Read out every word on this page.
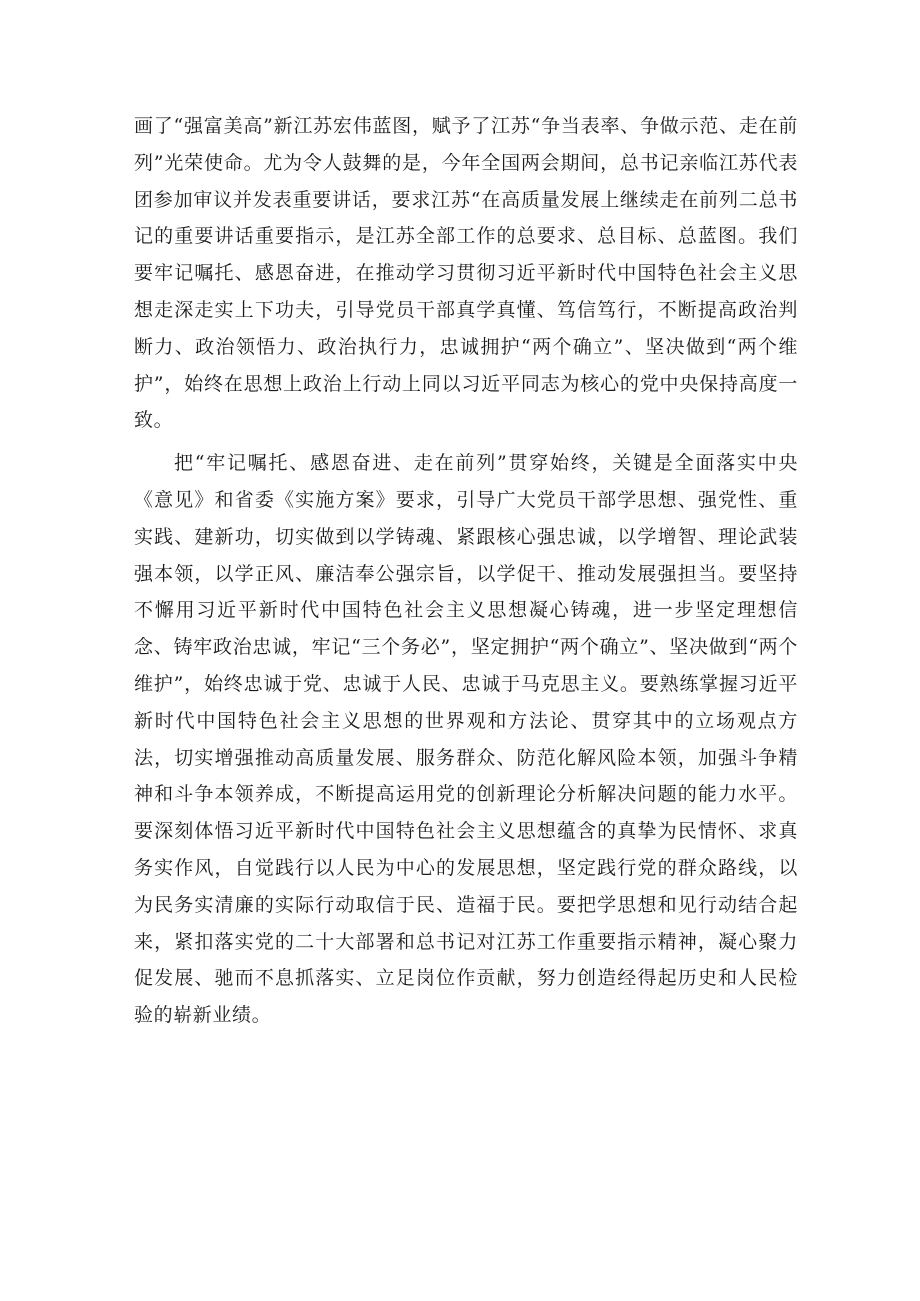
画了“强富美高”新江苏宏伟蓝图，赋予了江苏“争当表率、争做示范、走在前列”光荣使命。尤为令人鼓舞的是，今年全国两会期间，总书记亲临江苏代表团参加审议并发表重要讲话，要求江苏“在高质量发展上继续走在前列二总书记的重要讲话重要指示，是江苏全部工作的总要求、总目标、总蓝图。我们要牢记嘱托、感恩奋进，在推动学习贯彻习近平新时代中国特色社会主义思想走深走实上下功夫，引导党员干部真学真懂、笃信笃行，不断提高政治判断力、政治领悟力、政治执行力，忠诚拥护“两个确立”、坚决做到“两个维护”，始终在思想上政治上行动上同以习近平同志为核心的党中央保持高度一致。

把“牢记嘱托、感恩奋进、走在前列”贯穿始终，关键是全面落实中央《意见》和省委《实施方案》要求，引导广大党员干部学思想、强党性、重实践、建新功，切实做到以学铸魂、紧跟核心强忠诚，以学增智、理论武装强本领，以学正风、廉洁奉公强宗旨，以学促干、推动发展强担当。要坚持不懈用习近平新时代中国特色社会主义思想凝心铸魂，进一步坚定理想信念、铸牢政治忠诚，牢记“三个务必”，坚定拥护“两个确立”、坚决做到“两个维护”，始终忠诚于党、忠诚于人民、忠诚于马克思主义。要熟练掌握习近平新时代中国特色社会主义思想的世界观和方法论、贯穿其中的立场观点方法，切实增强推动高质量发展、服务群众、防范化解风险本领，加强斗争精神和斗争本领养成，不断提高运用党的创新理论分析解决问题的能力水平。要深刻体悟习近平新时代中国特色社会主义思想蕴含的真挚为民情怀、求真务实作风，自觉践行以人民为中心的发展思想，坚定践行党的群众路线，以为民务实清廉的实际行动取信于民、造福于民。要把学思想和见行动结合起来，紧扣落实党的二十大部署和总书记对江苏工作重要指示精神，凝心聚力促发展、驰而不息抓落实、立足岗位作贡献，努力创造经得起历史和人民检验的崭新业绩。
